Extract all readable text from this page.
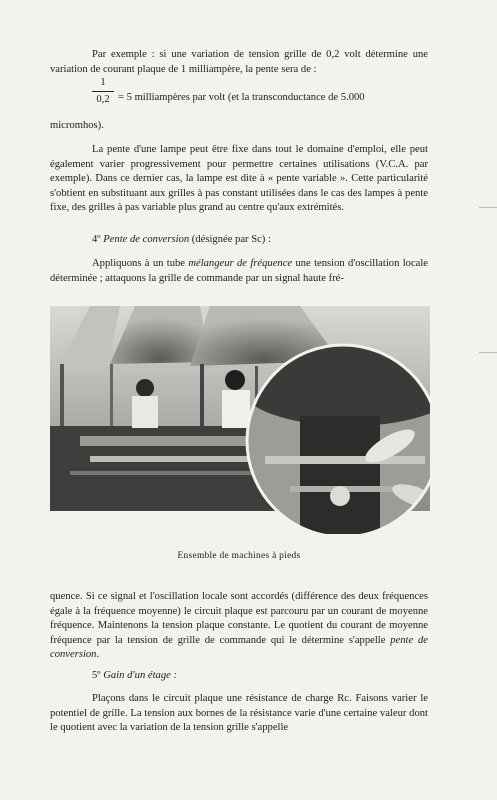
Par exemple : si une variation de tension grille de 0,2 volt détermine une variation de courant plaque de 1 milliampère, la pente sera de :

1
0,2 = 5 milliampères par volt (et la transconductance de 5.000

micromhos).

La pente d'une lampe peut être fixe dans tout le domaine d'emploi, elle peut également varier progressivement pour permettre certaines utilisations (V.C.A. par exemple). Dans ce dernier cas, la lampe est dite à « pente variable ». Cette particularité s'obtient en substituant aux grilles à pas constant utilisées dans le cas des lampes à pente fixe, des grilles à pas variable plus grand au centre qu'aux extrémités.

4º Pente de conversion (désignée par Sc) :

Appliquons à un tube mélangeur de fréquence une tension d'oscillation locale déterminée ; attaquons la grille de commande par un signal haute fré-

Ensemble de machines à pieds

quence. Si ce signal et l'oscillation locale sont accordés (différence des deux fréquences égale à la fréquence moyenne) le circuit plaque est parcouru par un courant de moyenne fréquence. Maintenons la tension plaque constante. Le quotient du courant de moyenne fréquence par la tension de grille de commande qui le détermine s'appelle pente de conversion.

5º Gain d'un étage :

Plaçons dans le circuit plaque une résistance de charge Rc. Faisons varier le potentiel de grille. La tension aux bornes de la résistance varie d'une certaine valeur dont le quotient avec la variation de la tension grille s'appelle
